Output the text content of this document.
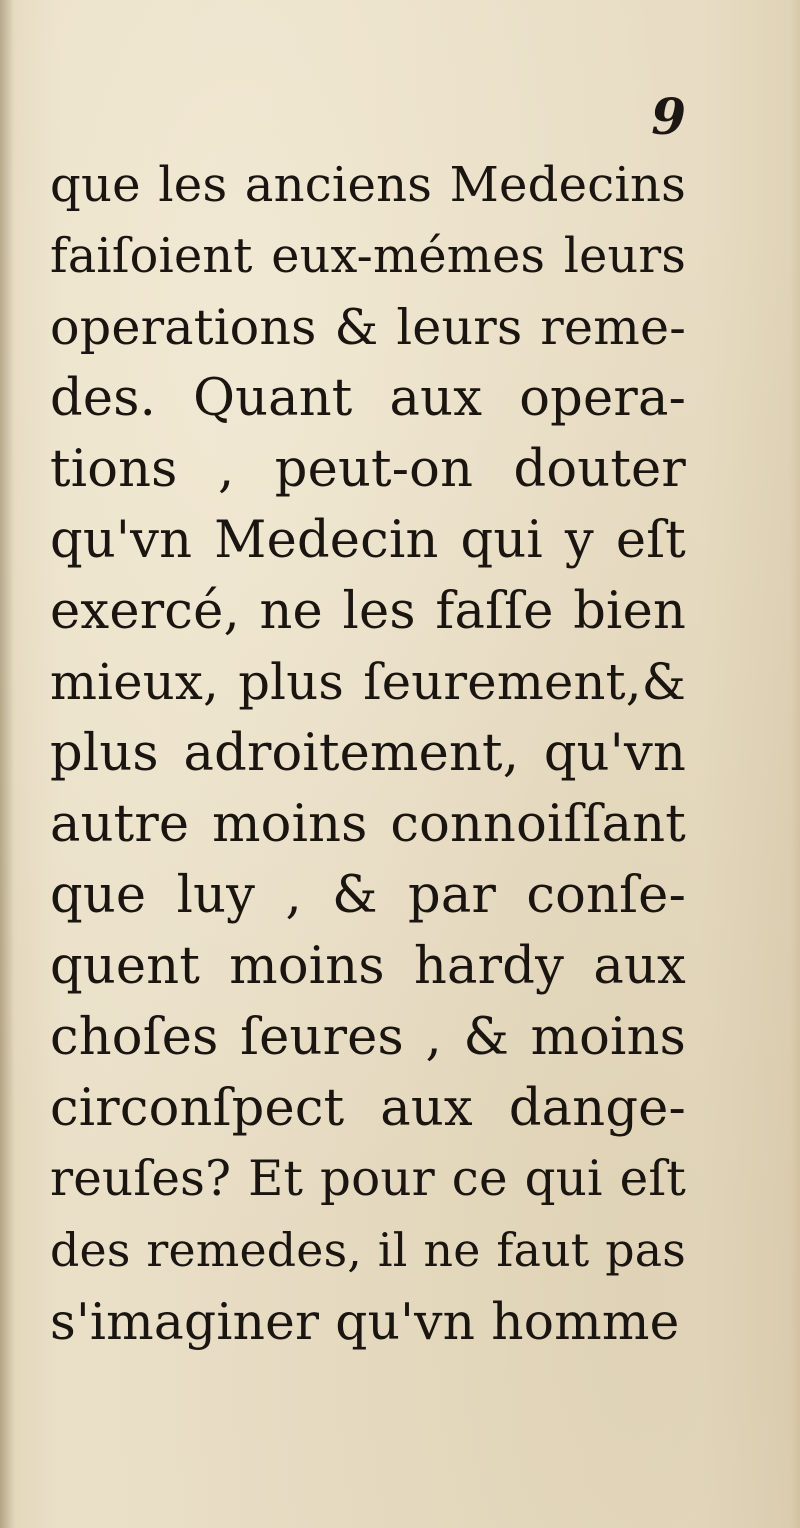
9
que les anciens Medecins
faiſoient eux-mémes leurs
operations & leurs reme-
des. Quant aux opera-
tions , peut-on douter
qu'vn Medecin qui y eſt
exercé, ne les faſſe bien
mieux, plus ſeurement,&
plus adroitement, qu'vn
autre moins connoiſſant
que luy , & par conſe-
quent moins hardy aux
choſes ſeures , & moins
circonſpect aux dange-
reuſes? Et pour ce qui eſt
des remedes, il ne faut pas
s'imaginer qu'vn homme
